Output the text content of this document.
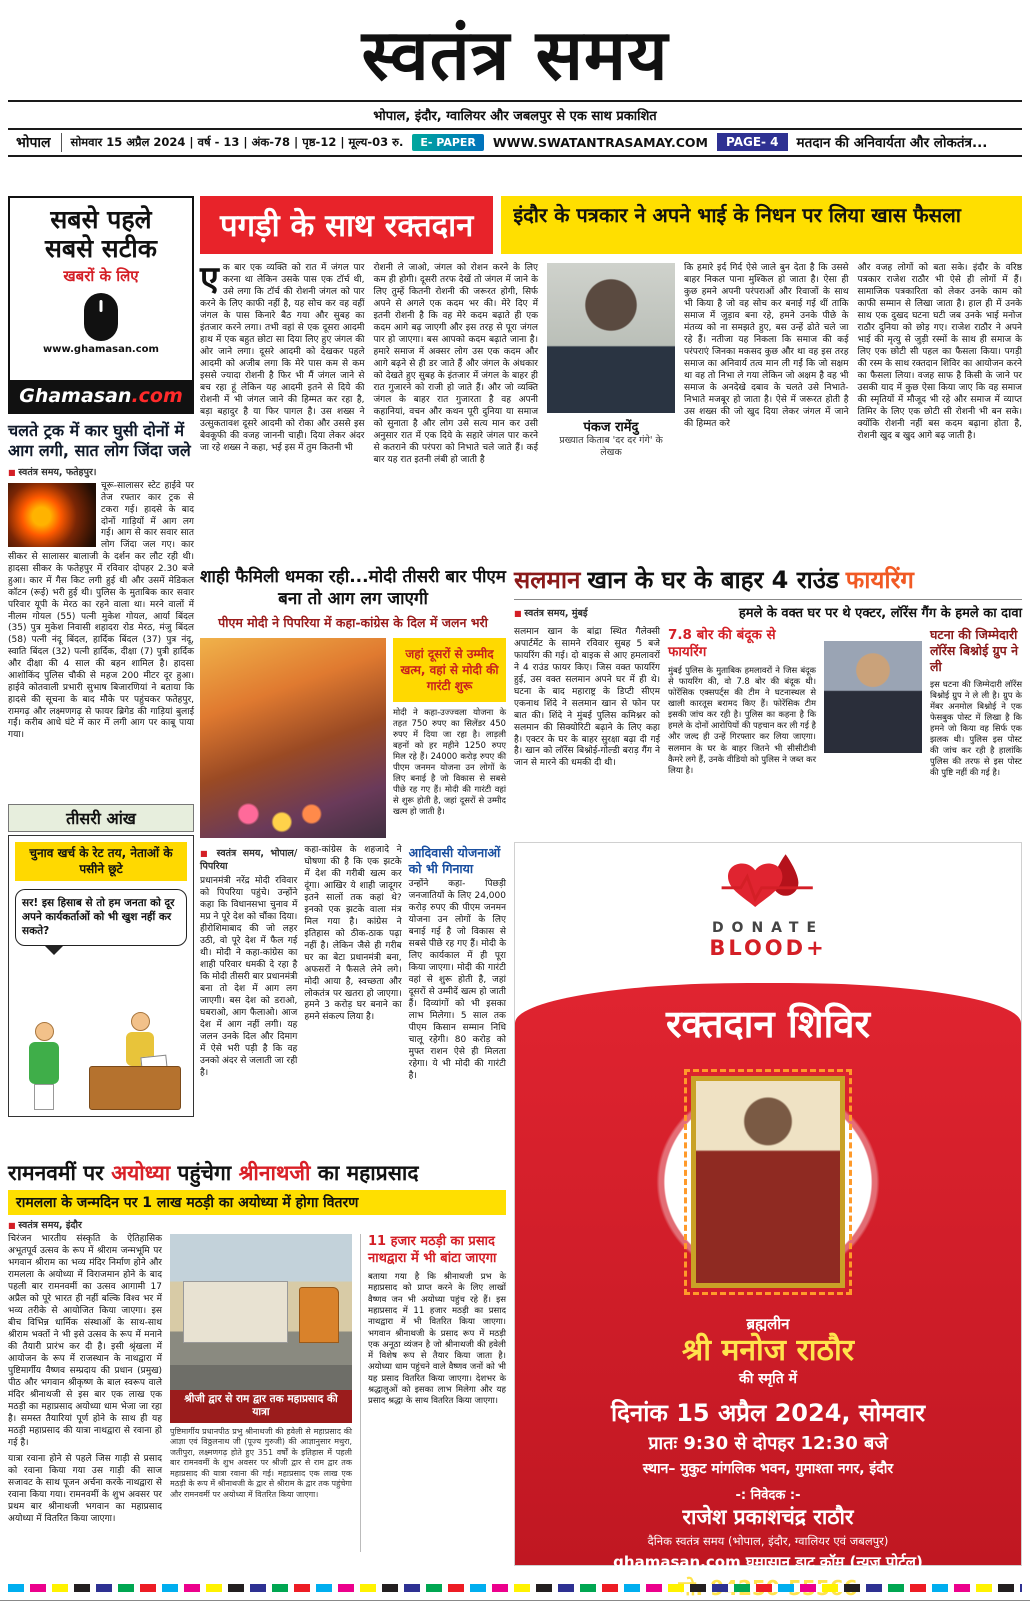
स्वतंत्र समय
भोपाल, इंदौर, ग्वालियर और जबलपुर से एक साथ प्रकाशित
भोपाल	सोमवार 15 अप्रैल 2024 | वर्ष - 13 | अंक-78 | पृष्ठ-12 | मूल्य-03 रु.	E- PAPER	WWW.SWATANTRASAMAY.COM	PAGE- 4	मतदान की अनिवार्यता और लोकतंत्र...
सबसे पहले
सबसे सटीक
खबरों के लिए
www.ghamasan.com
Ghamasan.com
चलते ट्रक में कार घुसी दोनों में आग लगी, सात लोग जिंदा जले
■ स्वतंत्र समय, फतेहपुर।
चूरू-सालासर स्टेट हाईवे पर तेज रफ्तार कार ट्रक से टकरा गई। हादसे के बाद दोनों गाड़ियों में आग लग गई। आग से कार सवार सात लोग जिंदा जल गए। कार सीकर से सालासर बालाजी के दर्शन कर लौट रही थी। हादसा सीकर के फतेहपुर में रविवार दोपहर 2.30 बजे हुआ। कार में गैस किट लगी हुई थी और उसमें मेडिकल कॉटन (रूई) भरी हुई थी। पुलिस के मुताबिक कार सवार परिवार यूपी के मेरठ का रहने वाला था। मरने वालों में नीलम गोयल (55) पत्नी मुकेश गोयल, आर्या बिंदल (35) पुत्र मुकेश निवासी शहादरा रोड मेरठ, मंजु बिंदल (58) पत्नी नंदू बिंदल, हार्दिक बिंदल (37) पुत्र नंदू, स्वाति बिंदल (32) पत्नी हार्दिक, दीक्षा (7) पुत्री हार्दिक और दीक्षा की 4 साल की बहन शामिल है। हादसा आशोकिंद पुलिस चौकी से महज 200 मीटर दूर हुआ। हाईवे कोतवाली प्रभारी सुभाष बिजारणियां ने बताया कि हादसे की सूचना के बाद मौके पर पहुंचकर फतेहपुर, रामगढ़ और लक्ष्मणगढ़ से फायर ब्रिगेड की गाड़ियां बुलाई गईं। करीब आधे घंटे में कार में लगी आग पर काबू पाया गया।
तीसरी आंख
चुनाव खर्च के रेट तय, नेताओं के पसीने छूटे
सर! इस हिसाब से तो हम जनता को दूर अपने कार्यकर्ताओं को भी खुश नहीं कर सकते?
पगड़ी के साथ रक्तदान	इंदौर के पत्रकार ने अपने भाई के निधन पर लिया खास फैसला
एक बार एक व्यक्ति को रात में जंगल पार करना था लेकिन उसके पास एक टॉर्च थी, उसे लगा कि टॉर्च की रोशनी जंगल को पार करने के लिए काफी नहीं है, यह सोच कर वह वहीं जंगल के पास किनारे बैठ गया और सुबह का इंतजार करने लगा। तभी वहां से एक दूसरा आदमी हाथ में एक बहुत छोटा सा दिया लिए हुए जंगल की ओर जाने लगा। दूसरे आदमी को देखकर पहले आदमी को अजीब लगा कि मेरे पास कम से कम इससे ज्यादा रोशनी है फिर भी मैं जंगल जाने से बच रहा हूं लेकिन यह आदमी इतने से दिये की रोशनी में भी जंगल जाने की हिम्मत कर रहा है, बड़ा बहादुर है या फिर पागल है। उस शख्स ने उत्सुकतावश दूसरे आदमी को रोका और उससे इस बेवकूफी की वजह जाननी चाही। दिया लेकर अंदर जा रहे शख्स ने कहा, भई इस में तुम कितनी भी
रोशनी ले जाओ, जंगल को रोशन करने के लिए कम ही होगी। दूसरी तरफ देखें तो जंगल में जाने के लिए तुम्हें कितनी रोशनी की जरूरत होगी, सिर्फ अपने से अगले एक कदम भर की। मेरे दिए में इतनी रोशनी है कि वह मेरे कदम बढ़ाते ही एक कदम आगे बढ़ जाएगी और इस तरह से पूरा जंगल पार हो जाएगा। बस आपको कदम बढ़ाते जाना है। हमारे समाज में अक्सर लोग उस एक कदम और आगे बढ़ने से ही डर जाते हैं और जंगल के अंधकार को देखते हुए सुबह के इंतजार में जंगल के बाहर ही रात गुजारने को राजी हो जाते हैं। और जो व्यक्ति जंगल के बाहर रात गुजारता है वह अपनी कहानियां, वचन और कथन पूरी दुनिया या समाज को सुनाता है और लोग उसे सत्य मान कर उसी अनुसार रात में एक दिये के सहारे जंगल पार करने से कतराने की परंपरा को निभाते चले जाते हैं। कई बार यह रात इतनी लंबी हो जाती है
पंकज रामेंदु
प्रख्यात किताब 'दर दर गंगे' के लेखक
कि हमारे इर्द गिर्द ऐसे जाले बुन देता है कि उससे बाहर निकल पाना मुश्किल हो जाता है। ऐसा ही कुछ हमने अपनी परंपराओं और रिवाजों के साथ भी किया है जो वह सोच कर बनाई गई थीं ताकि समाज में जुड़ाव बना रहे, हमने उनके पीछे के मंतव्य को ना समझते हुए, बस उन्हें ढोते चले जा रहे हैं। नतीजा यह निकला कि समाज की कई परंपराएं जिनका मकसद कुछ और था वह इस तरह समाज का अनिवार्य तत्व मान ली गईं कि जो सक्षम था वह तो निभा ले गया लेकिन जो अक्षम है वह भी समाज के अनदेखे दबाव के चलते उसे निभाते-निभाते मजबूर हो जाता है। ऐसे में जरूरत होती है उस शख्स की जो खुद दिया लेकर जंगल में जाने की हिम्मत करे
और वजह लोगों को बता सके। इंदौर के वरिष्ठ पत्रकार राजेश राठौर भी ऐसे ही लोगों में हैं। सामाजिक पत्रकारिता को लेकर उनके काम को काफी सम्मान से लिखा जाता है। हाल ही में उनके साथ एक दुखद घटना घटी जब उनके भाई मनोज राठौर दुनिया को छोड़ गए। राजेश राठौर ने अपने भाई की मृत्यु से जुड़ी रस्मों के साथ ही समाज के लिए एक छोटी सी पहल का फैसला किया। पगड़ी की रस्म के साथ रक्तदान शिविर का आयोजन करने का फैसला लिया। वजह साफ है किसी के जाने पर उसकी याद में कुछ ऐसा किया जाए कि वह समाज की स्मृतियों में मौजूद भी रहे और समाज में व्याप्त तिमिर के लिए एक छोटी सी रोशनी भी बन सके। क्योंकि रोशनी नहीं बस कदम बढ़ाना होता है, रोशनी खुद ब खुद आगे बढ़ जाती है।
शाही फैमिली धमका रही...मोदी तीसरी बार पीएम बना तो आग लग जाएगी
पीएम मोदी ने पिपरिया में कहा-कांग्रेस के दिल में जलन भरी
जहां दूसरों से उम्मीद खत्म, वहां से मोदी की गारंटी शुरू
मोदी ने कहा-उज्ज्वला योजना के तहत 750 रुपए का सिलेंडर 450 रुपए में दिया जा रहा है। लाड़ली बहनों को हर महीने 1250 रुपए मिल रहे हैं। 24000 करोड़ रुपए की पीएम जनमन योजना उन लोगों के लिए बनाई है जो विकास से सबसे पीछे रह गए हैं। मोदी की गारंटी वहां से शुरू होती है, जहां दूसरों से उम्मीद खत्म हो जाती है।
■ स्वतंत्र समय, भोपाल/पिपरिया
प्रधानमंत्री नरेंद्र मोदी रविवार को पिपरिया पहुंचे। उन्होंने कहा कि विधानसभा चुनाव में मप्र ने पूरे देश को चौंका दिया। हीरोशिमाबाद की जो लहर उठी, वो पूरे देश में फैल गई थी। मोदी ने कहा-कांग्रेस का शाही परिवार धमकी दे रहा है कि मोदी तीसरी बार प्रधानमंत्री बना तो देश में आग लग जाएगी। बस देश को डराओ, घबराओ, आग फैलाओ। आज देश में आग नहीं लगी। यह जलन उनके दिल और दिमाग में ऐसे भरी पड़ी है कि वह उनको अंदर से जलाती जा रही है।
कहा-कांग्रेस के शहजादे ने घोषणा की है कि एक झटके में देश की गरीबी खत्म कर दूंगा। आखिर ये शाही जादूगर इतने सालों तक कहां थे? इनको एक झटके वाला मंत्र मिल गया है। कांग्रेस ने इतिहास को ठीक-ठाक पढ़ा नहीं है। लेकिन जैसे ही गरीब घर का बेटा प्रधानमंत्री बना, अफसरों ने फैसले लेने लगे। मोदी आया है, स्वच्छता और लोकतंत्र पर खतरा हो जाएगा। हमने 3 करोड़ घर बनाने का हमने संकल्प लिया है।
आदिवासी योजनाओं को भी गिनाया
उन्होंने कहा- पिछड़ी जनजातियों के लिए 24,000 करोड़ रुपए की पीएम जनमन योजना उन लोगों के लिए बनाई गई है जो विकास से सबसे पीछे रह गए हैं। मोदी के लिए कार्यकाल में ही पूरा किया जाएगा। मोदी की गारंटी वहां से शुरू होती है, जहां दूसरों से उम्मीदें खत्म हो जाती हैं। दिव्यांगों को भी इसका लाभ मिलेगा। 5 साल तक पीएम किसान सम्मान निधि चालू रहेगी। 80 करोड़ को मुफ्त राशन ऐसे ही मिलता रहेगा। ये भी मोदी की गारंटी है।
सलमान खान के घर के बाहर 4 राउंड फायरिंग
■ स्वतंत्र समय, मुंबई	हमले के वक्त घर पर थे एक्टर, लॉरेंस गैंग के हमले का दावा
सलमान खान के बांद्रा स्थित गैलेक्सी अपार्टमेंट के सामने रविवार सुबह 5 बजे फायरिंग की गई। दो बाइक से आए हमलावरों ने 4 राउंड फायर किए। जिस वक्त फायरिंग हुई, उस वक्त सलमान अपने घर में ही थे। घटना के बाद महाराष्ट्र के डिप्टी सीएम एकनाथ शिंदे ने सलमान खान से फोन पर बात की। शिंदे ने मुंबई पुलिस कमिश्नर को सलमान की सिक्योरिटी बढ़ाने के लिए कहा है। एक्टर के घर के बाहर सुरक्षा बढ़ा दी गई है। खान को लॉरेंस बिश्नोई-गोल्डी बराड़ गैंग ने जान से मारने की धमकी दी थी।
7.8 बोर की बंदूक से फायरिंग
मुंबई पुलिस के मुताबिक हमलावरों ने जिस बंदूक से फायरिंग की, वो 7.8 बोर की बंदूक थी। फोरेंसिक एक्सपर्ट्स की टीम ने घटनास्थल से खाली कारतूस बरामद किए हैं। फोरेंसिक टीम इसकी जांच कर रही है। पुलिस का कहना है कि हमले के दोनों आरोपियों की पहचान कर ली गई है और जल्द ही उन्हें गिरफ्तार कर लिया जाएगा। सलमान के घर के बाहर जितने भी सीसीटीवी कैमरे लगे हैं, उनके वीडियो को पुलिस ने जब्त कर लिया है।
घटना की जिम्मेदारी लॉरेंस बिश्नोई ग्रुप ने ली
इस घटना की जिम्मेदारी लॉरेंस बिश्नोई ग्रुप ने ले ली है। ग्रुप के मेंबर अनमोल बिश्नोई ने एक फेसबुक पोस्ट में लिखा है कि हमने जो किया वह सिर्फ एक झलक थी। पुलिस इस पोस्ट की जांच कर रही है हालांकि पुलिस की तरफ से इस पोस्ट की पुष्टि नहीं की गई है।
DONATE
BLOOD+
रक्तदान शिविर
ब्रह्मलीन
श्री मनोज राठौर
की स्मृति में
दिनांक 15 अप्रैल 2024, सोमवार
प्रातः 9:30 से दोपहर 12:30 बजे
स्थान– मुकुट मांगलिक भवन, गुमाश्ता नगर, इंदौर
-: निवेदक :-
राजेश प्रकाशचंद्र राठौर
दैनिक स्वतंत्र समय (भोपाल, इंदौर, ग्वालियर एवं जबलपुर)
ghamasan.com घमासान डाट कॉम (न्यूज पोर्टल)
रामनवमीं पर अयोध्या पहुंचेगा श्रीनाथजी का महाप्रसाद
रामलला के जन्मदिन पर 1 लाख मठड़ी का अयोध्या में होगा वितरण
■ स्वतंत्र समय, इंदौर

चिरंजन भारतीय संस्कृति के ऐतिहासिक अभूतपूर्व उत्सव के रूप में श्रीराम जन्मभूमि पर भगवान श्रीराम का भव्य मंदिर निर्माण होने और रामलला के अयोध्या में विराजमान होने के बाद पहली बार रामनवमीं का उत्सव आगामी 17 अप्रैल को पूरे भारत ही नहीं बल्कि विश्व भर में भव्य तरीके से आयोजित किया जाएगा। इस बीच विभिन्न धार्मिक संस्थाओं के साथ-साथ श्रीराम भक्तों ने भी इसे उत्सव के रूप में मनाने की तैयारी प्रारंभ कर दी है। इसी श्रृंखला में आयोजन के रूप में राजस्थान के नाथद्वारा में पुष्टिमार्गीय वैष्णव सम्प्रदाय की प्रधान (प्रमुख) पीठ और भगवान श्रीकृष्ण के बाल स्वरूप वाले मंदिर श्रीनाथजी से इस बार एक लाख एक मठड़ी का महाप्रसाद अयोध्या धाम भेजा जा रहा है। समस्त तैयारियां पूर्ण होने के साथ ही यह मठड़ी महाप्रसाद की यात्रा नाथद्वारा से रवाना हो गई है।

यात्रा रवाना होने से पहले जिस गाड़ी से प्रसाद को रवाना किया गया उस गाड़ी की साज सजावट के साथ पूजन अर्चना करके नाथद्वारा से रवाना किया गया। रामनवमीं के शुभ अवसर पर प्रथम बार श्रीनाथजी भगवान का महाप्रसाद अयोध्या में वितरित किया जाएगा।

श्रीजी द्वार से राम द्वार तक महाप्रसाद की यात्रा
पुष्टिमार्गीय प्रधानपीठ प्रभु श्रीनाथजी की हवेली से महाप्रसाद की आज्ञा एवं विठ्ठलनाथ जी (पूज्य गुरुजी) की आज्ञानुसार मथुरा, जतीपुरा, लक्ष्मणगढ़ होते हुए 351 वर्षों के इतिहास में पहली बार रामनवमीं के शुभ अवसर पर श्रीजी द्वार से राम द्वार तक महाप्रसाद की यात्रा रवाना की गई। महाप्रसाद एक लाख एक मठड़ी के रूप में श्रीनाथजी के द्वार से श्रीराम के द्वार तक पहुंचेगा और रामनवमीं पर अयोध्या में वितरित किया जाएगा।
11 हजार मठड़ी का प्रसाद नाथद्वारा में भी बांटा जाएगा
बताया गया है कि श्रीनाथजी प्रभ के महाप्रसाद को प्राप्त करने के लिए लाखों वैष्णव जन भी अयोध्या पहुंच रहे हैं। इस महाप्रसाद में 11 हजार मठड़ी का प्रसाद नाथद्वारा में भी वितरित किया जाएगा। भगवान श्रीनाथजी के प्रसाद रूप में मठड़ी एक अनूठा व्यंजन है जो श्रीनाथजी की हवेली में विशेष रूप से तैयार किया जाता है। अयोध्या धाम पहुंचने वाले वैष्णव जनों को भी यह प्रसाद वितरित किया जाएगा। देशभर के श्रद्धालुओं को इसका लाभ मिलेगा और यह प्रसाद श्रद्धा के साथ वितरित किया जाएगा।
